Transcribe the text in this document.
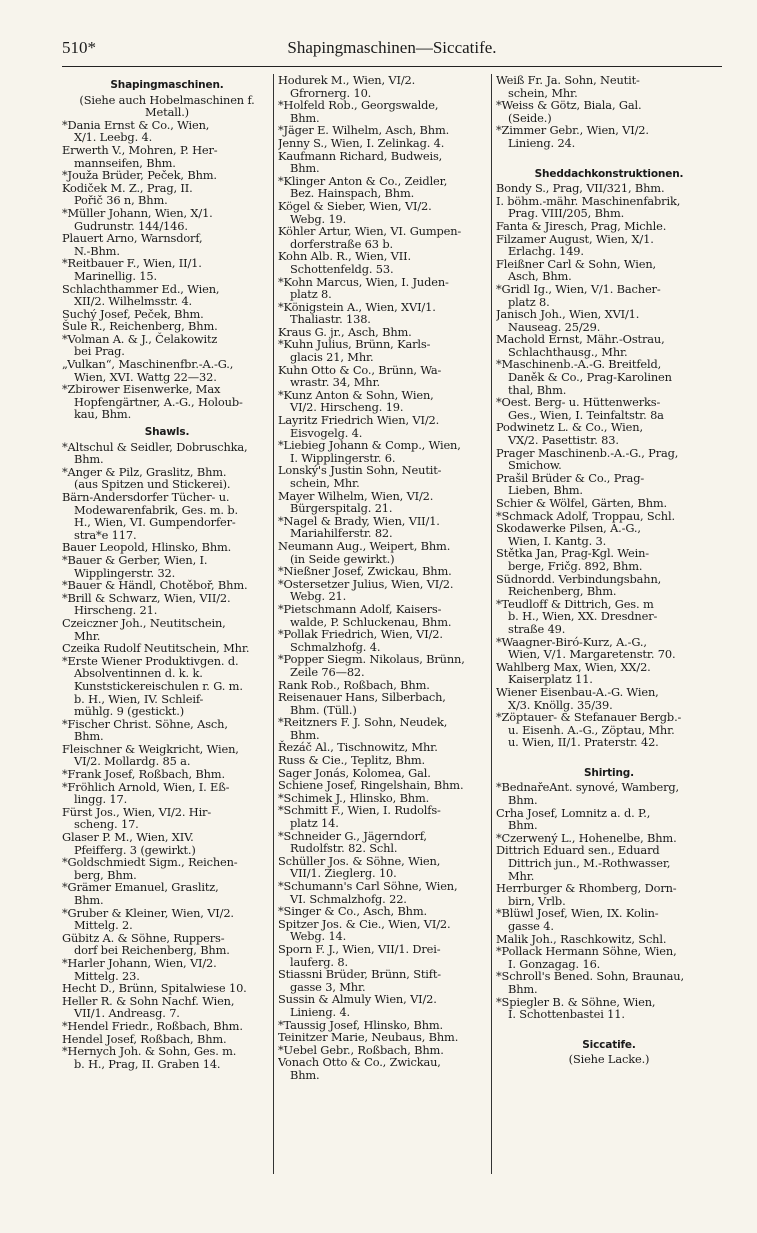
510*	Shapingmaschinen—Siccatife.

Shapingmaschinen.

(Siehe auch Hobelmaschinen f.
Metall.)

*Dania Ernst & Co., Wien,
X/1. Leebg. 4.

Erwerth V., Mohren, P. Her-
mannseifen, Bhm.

*Jouža Brüder, Peček, Bhm.

Kodiček M. Z., Prag, II.
Pořič 36 n, Bhm.

*Müller Johann, Wien, X/1.
Gudrunstr. 144/146.

Plauert Arno, Warnsdorf,
N.-Bhm.

*Reitbauer F., Wien, II/1.
Marinellig. 15.

Schlachthammer Ed., Wien,
XII/2. Wilhelmsstr. 4.

Suchý Josef, Peček, Bhm.

Šule R., Reichenberg, Bhm.

*Volman A. & J., Čelakowitz
bei Prag.

„Vulkan“, Maschinenfbr.-A.-G.,
Wien, XVI. Wattg 22—32.

*Zbirower Eisenwerke, Max
Hopfengärtner, A.-G., Holoub-
kau, Bhm.

Shawls.

*Altschul & Seidler, Dobruschka,
Bhm.

*Anger & Pilz, Graslitz, Bhm.
(aus Spitzen und Stickerei).

Bärn-Andersdorfer Tücher- u.
Modewarenfabrik, Ges. m. b.
H., Wien, VI. Gumpendorfer-
stra*e 117.

Bauer Leopold, Hlinsko, Bhm.

*Bauer & Gerber, Wien, I.
Wipplingerstr. 32.

*Bauer & Händl, Chotěboř, Bhm.

*Brill & Schwarz, Wien, VII/2.
Hirscheng. 21.

Czeiczner Joh., Neutitschein,
Mhr.

Czeika Rudolf Neutitschein, Mhr.

*Erste Wiener Produktivgen. d.
Absolventinnen d. k. k.
Kunststickereischulen r. G. m.
b. H., Wien, IV. Schleif-
mühlg. 9 (gestickt.)

*Fischer Christ. Söhne, Asch,
Bhm.

Fleischner & Weigkricht, Wien,
VI/2. Mollardg. 85 a.

*Frank Josef, Roßbach, Bhm.

*Fröhlich Arnold, Wien, I. Eß-
lingg. 17.

Fürst Jos., Wien, VI/2. Hir-
scheng. 17.

Glaser P. M., Wien, XIV.
Pfeifferg. 3 (gewirkt.)

*Goldschmiedt Sigm., Reichen-
berg, Bhm.

*Grämer Emanuel, Graslitz,
Bhm.

*Gruber & Kleiner, Wien, VI/2.
Mittelg. 2.

Gübitz A. & Söhne, Ruppers-
dorf bei Reichenberg, Bhm.

*Harler Johann, Wien, VI/2.
Mittelg. 23.

Hecht D., Brünn, Spitalwiese 10.

Heller R. & Sohn Nachf. Wien,
VII/1. Andreasg. 7.

*Hendel Friedr., Roßbach, Bhm.

Hendel Josef, Roßbach, Bhm.

*Hernych Joh. & Sohn, Ges. m.
b. H., Prag, II. Graben 14.

Hodurek M., Wien, VI/2.
Gfrornerg. 10.

*Holfeld Rob., Georgswalde,
Bhm.

*Jäger E. Wilhelm, Asch, Bhm.

Jenny S., Wien, I. Zelinkag. 4.

Kaufmann Richard, Budweis,
Bhm.

*Klinger Anton & Co., Zeidler,
Bez. Hainspach, Bhm.

Kögel & Sieber, Wien, VI/2.
Webg. 19.

Köhler Artur, Wien, VI. Gumpen-
dorferstraße 63 b.

Kohn Alb. R., Wien, VII.
Schottenfeldg. 53.

*Kohn Marcus, Wien, I. Juden-
platz 8.

*Königstein A., Wien, XVI/1.
Thaliastr. 138.

Kraus G. jr., Asch, Bhm.

*Kuhn Julius, Brünn, Karls-
glacis 21, Mhr.

Kuhn Otto & Co., Brünn, Wa-
wrastr. 34, Mhr.

*Kunz Anton & Sohn, Wien,
VI/2. Hirscheng. 19.

Layritz Friedrich Wien, VI/2.
Eisvogelg. 4.

*Liebieg Johann & Comp., Wien,
I. Wipplingerstr. 6.

Lonský's Justin Sohn, Neutit-
schein, Mhr.

Mayer Wilhelm, Wien, VI/2.
Bürgerspitalg. 21.

*Nagel & Brady, Wien, VII/1.
Mariahilferstr. 82.

Neumann Aug., Weipert, Bhm.
(in Seide gewirkt.)

*Nießner Josef, Zwickau, Bhm.

*Ostersetzer Julius, Wien, VI/2.
Webg. 21.

*Pietschmann Adolf, Kaisers-
walde, P. Schluckenau, Bhm.

*Pollak Friedrich, Wien, VI/2.
Schmalzhofg. 4.

*Popper Siegm. Nikolaus, Brünn,
Zeile 76—82.

Rank Rob., Roßbach, Bhm.

Reisenauer Hans, Silberbach,
Bhm. (Tüll.)

*Reitzners F. J. Sohn, Neudek,
Bhm.

Řezáč Al., Tischnowitz, Mhr.

Russ & Cie., Teplitz, Bhm.

Sager Jonás, Kolomea, Gal.

Schiene Josef, Ringelshain, Bhm.

*Schimek J., Hlinsko, Bhm.

*Schmitt F., Wien, I. Rudolfs-
platz 14.

*Schneider G., Jägerndorf,
Rudolfstr. 82. Schl.

Schüller Jos. & Söhne, Wien,
VII/1. Zieglerg. 10.

*Schumann's Carl Söhne, Wien,
VI. Schmalzhofg. 22.

*Singer & Co., Asch, Bhm.

Spitzer Jos. & Cie., Wien, VI/2.
Webg. 14.

Sporn F. J., Wien, VII/1. Drei-
lauferg. 8.

Stiassni Brüder, Brünn, Stift-
gasse 3, Mhr.

Sussin & Almuly Wien, VI/2.
Linieng. 4.

*Taussig Josef, Hlinsko, Bhm.

Teinitzer Marie, Neubaus, Bhm.

*Uebel Gebr., Roßbach, Bhm.

Vonach Otto & Co., Zwickau,
Bhm.

Weiß Fr. Ja. Sohn, Neutit-
schein, Mhr.

*Weiss & Götz, Biala, Gal.
(Seide.)

*Zimmer Gebr., Wien, VI/2.
Linieng. 24.

Sheddachkonstruktionen.

Bondy S., Prag, VII/321, Bhm.

I. böhm.-mähr. Maschinenfabrik,
Prag. VIII/205, Bhm.

Fanta & Jiresch, Prag, Michle.

Filzamer August, Wien, X/1.
Erlachg. 149.

Fleißner Carl & Sohn, Wien,
Asch, Bhm.

*Gridl Ig., Wien, V/1. Bacher-
platz 8.

Janisch Joh., Wien, XVI/1.
Nauseag. 25/29.

Machold Ernst, Mähr.-Ostrau,
Schlachthausg., Mhr.

*Maschinenb.-A.-G. Breitfeld,
Daněk & Co., Prag-Karolinen
thal, Bhm.

*Oest. Berg- u. Hüttenwerks-
Ges., Wien, I. Teinfaltstr. 8a

Podwinetz L. & Co., Wien,
VX/2. Pasettistr. 83.

Prager Maschinenb.-A.-G., Prag,
Smichow.

Prašil Brüder & Co., Prag-
Lieben, Bhm.

Schier & Wölfel, Gärten, Bhm.

*Schmack Adolf, Troppau, Schl.

Skodawerke Pilsen, A.-G.,
Wien, I. Kantg. 3.

Stětka Jan, Prag-Kgl. Wein-
berge, Fričg. 892, Bhm.

Südnordd. Verbindungsbahn,
Reichenberg, Bhm.

*Teudloff & Dittrich, Ges. m
b. H., Wien, XX. Dresdner-
straße 49.

*Waagner-Biró-Kurz, A.-G.,
Wien, V/1. Margaretenstr. 70.

Wahlberg Max, Wien, XX/2.
Kaiserplatz 11.

Wiener Eisenbau-A.-G. Wien,
X/3. Knöllg. 35/39.

*Zöptauer- & Stefanauer Bergb.-
u. Eisenh. A.-G., Zöptau, Mhr.
u. Wien, II/1. Praterstr. 42.

Shirting.

*BednařeAnt. synové, Wamberg,
Bhm.

Crha Josef, Lomnitz a. d. P.,
Bhm.

*Czerwený L., Hohenelbe, Bhm.

Dittrich Eduard sen., Eduard
Dittrich jun., M.-Rothwasser,
Mhr.

Herrburger & Rhomberg, Dorn-
birn, Vrlb.

*Blüwl Josef, Wien, IX. Kolin-
gasse 4.

Malik Joh., Raschkowitz, Schl.

*Pollack Hermann Söhne, Wien,
I. Gonzagag. 16.

*Schroll's Bened. Sohn, Braunau,
Bhm.

*Spiegler B. & Söhne, Wien,
I. Schottenbastei 11.

Siccatife.

(Siehe Lacke.)
